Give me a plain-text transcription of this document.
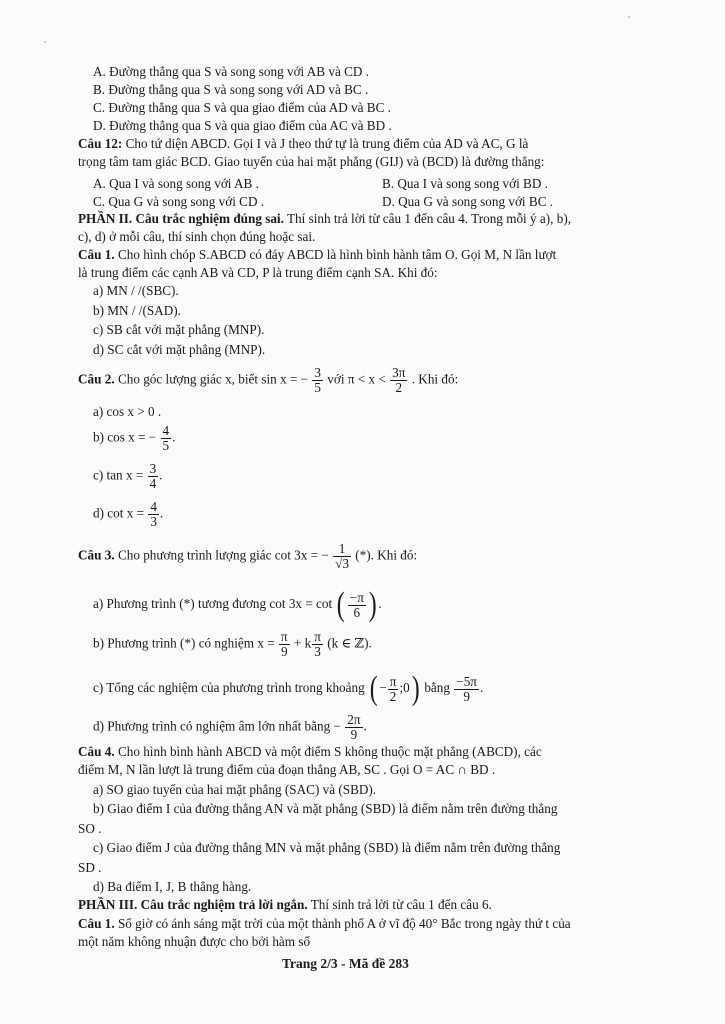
A. Đường thẳng qua S và song song với AB và CD .
B. Đường thẳng qua S và song song với AD và BC .
C. Đường thẳng qua S và qua giao điểm của AD và BC .
D. Đường thẳng qua S và qua giao điểm của AC và BD .
Câu 12: Cho tứ diện ABCD. Gọi I và J theo thứ tự là trung điểm của AD và AC, G là
trọng tâm tam giác BCD. Giao tuyến của hai mặt phẳng (GIJ) và (BCD) là đường thẳng:
A. Qua I và song song với AB .	B. Qua I và song song với BD .
C. Qua G và song song với CD .	D. Qua G và song song với BC .
PHẦN II. Câu trắc nghiệm đúng sai. Thí sinh trả lời từ câu 1 đến câu 4. Trong mỗi ý a), b),
c), d) ở mỗi câu, thí sinh chọn đúng hoặc sai.
Câu 1. Cho hình chóp S.ABCD có đáy ABCD là hình bình hành tâm O. Gọi M, N lần lượt
là trung điểm các cạnh AB và CD, P là trung điểm cạnh SA. Khi đó:
a) MN / /(SBC).
b) MN / /(SAD).
c) SB cắt với mặt phẳng (MNP).
d) SC cắt với mặt phẳng (MNP).
Câu 2. Cho góc lượng giác x, biết sin x = − $\frac{3}{5}$ với $\pi < x < \frac{3\pi}{2}$ . Khi đó:
a) cos x > 0 .
b) cos x = − $\frac{4}{5}$ .
c) $\tan x = \frac{3}{4}$ .
d) $\cot x = \frac{4}{3}$ .
Câu 3. Cho phương trình lượng giác cot 3x = − $\frac{1}{√3}$ (*). Khi đó:
a) Phương trình (*) tương đương cot 3x = cot ( $\frac{-\pi}{6}$ ) .
b) Phương trình (*) có nghiệm $x = \frac{\pi}{9} + k \frac{\pi}{3} (k$ ∈ ℤ).
c) Tổng các nghiệm của phương trình trong khoảng ( − $\frac{\pi}{2}$ ;0) bằng $\frac{-5\pi}{9}$ .
d) Phương trình có nghiệm âm lớn nhất bằng − $\frac{2\pi}{9}$ .
Câu 4. Cho hình bình hành ABCD và một điểm S không thuộc mặt phẳng (ABCD), các
điểm M, N lần lượt là trung điểm của đoạn thẳng AB, SC . Gọi O = AC ∩ BD .
a) SO giao tuyến của hai mặt phẳng (SAC) và (SBD).
b) Giao điểm I của đường thẳng AN và mặt phẳng (SBD) là điểm nằm trên đường thẳng
SO .
c) Giao điểm J của đường thẳng MN và mặt phẳng (SBD) là điểm nằm trên đường thẳng
SD .
d) Ba điểm I, J, B thẳng hàng.
PHẦN III. Câu trắc nghiệm trả lời ngắn. Thí sinh trả lời từ câu 1 đến câu 6.
Câu 1. Số giờ có ánh sáng mặt trời của một thành phố A ở vĩ độ 40° Bắc trong ngày thứ t của
một năm không nhuận được cho bởi hàm số
Trang 2/3 - Mã đề 283
